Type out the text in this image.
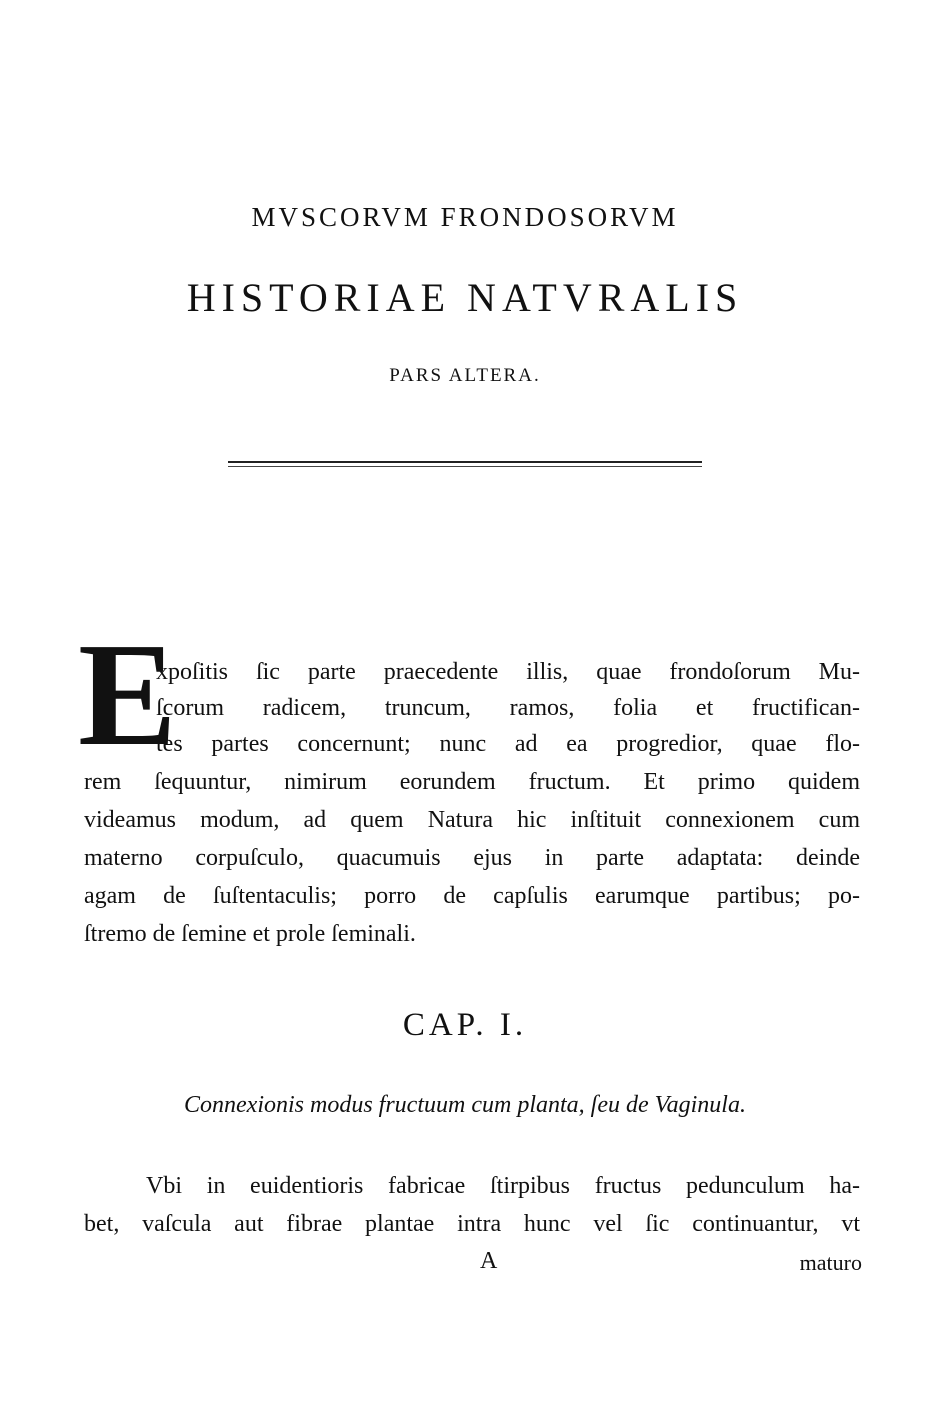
MVSCORVM FRONDOSORVM
HISTORIAE NATVRALIS
PARS ALTERA.
E
xpoſitis ſic parte praecedente illis, quae frondoſorum Mu-
ſcorum radicem, truncum, ramos, folia et fructifican-
tes partes concernunt; nunc ad ea progredior, quae flo-
rem ſequuntur, nimirum eorundem fructum. Et primo quidem
videamus modum, ad quem Natura hic inſtituit connexionem cum
materno corpuſculo, quacumuis ejus in parte adaptata: deinde
agam de ſuſtentaculis; porro de capſulis earumque partibus; po-
ſtremo de ſemine et prole ſeminali.
CAP. I.
Connexionis modus fructuum cum planta, ſeu de Vaginula.
Vbi in euidentioris fabricae ſtirpibus fructus pedunculum ha-
bet, vaſcula aut fibrae plantae intra hunc vel ſic continuantur, vt
A	maturo
